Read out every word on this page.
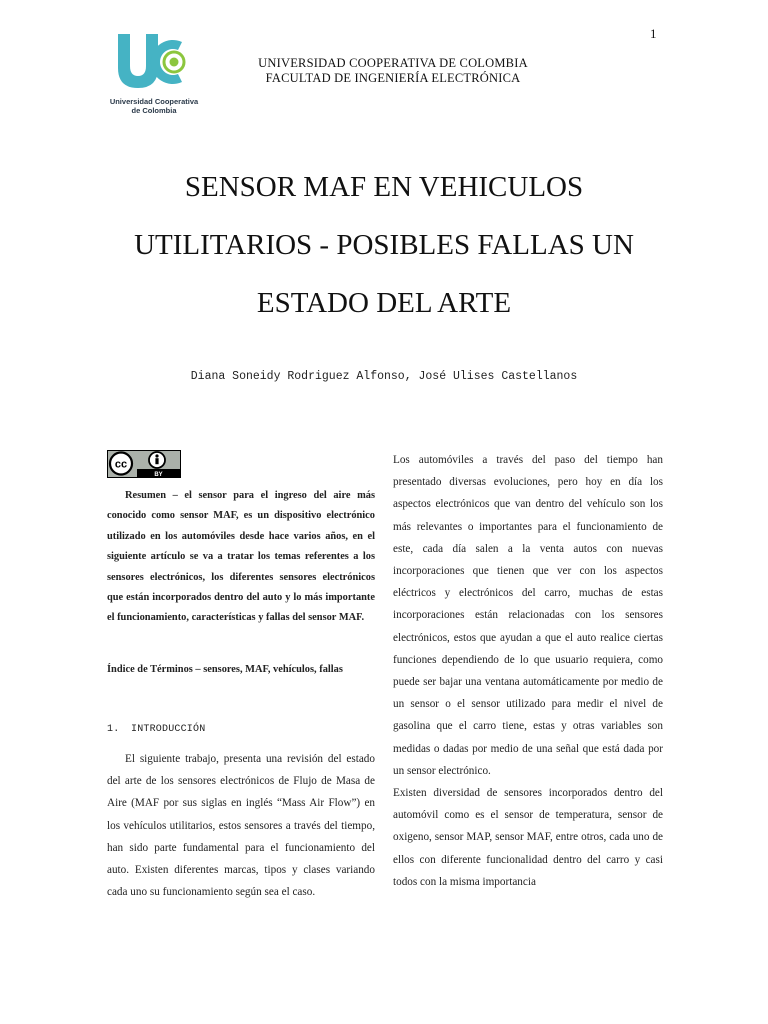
1
Universidad Cooperativa
de Colombia
UNIVERSIDAD COOPERATIVA DE COLOMBIA
FACULTAD DE INGENIERÍA ELECTRÓNICA
SENSOR MAF EN VEHICULOS
UTILITARIOS - POSIBLES FALLAS UN
ESTADO DEL ARTE
Diana Soneidy Rodriguez Alfonso, José Ulises Castellanos
cc
BY
Resumen – el sensor para el ingreso del aire más conocido como sensor MAF, es un dispositivo electrónico utilizado en los automóviles desde hace varios años, en el siguiente artículo se va a tratar los temas referentes a los sensores electrónicos, los diferentes sensores electrónicos que están incorporados dentro del auto y lo más importante el funcionamiento, características y fallas del sensor MAF.
Índice de Términos – sensores, MAF, vehículos, fallas
1. INTRODUCCIÓN
El siguiente trabajo, presenta una revisión del estado del arte de los sensores electrónicos de Flujo de Masa de Aire (MAF por sus siglas en inglés “Mass Air Flow”) en los vehículos utilitarios, estos sensores a través del tiempo, han sido parte fundamental para el funcionamiento del auto. Existen diferentes marcas, tipos y clases variando cada uno su funcionamiento según sea el caso.

Los automóviles a través del paso del tiempo han presentado diversas evoluciones, pero hoy en día los aspectos electrónicos que van dentro del vehículo son los más relevantes o importantes para el funcionamiento de este, cada día salen a la venta autos con nuevas incorporaciones que tienen que ver con los aspectos eléctricos y electrónicos del carro, muchas de estas incorporaciones están relacionadas con los sensores electrónicos, estos que ayudan a que el auto realice ciertas funciones dependiendo de lo que usuario requiera, como puede ser bajar una ventana automáticamente por medio de un sensor o el sensor utilizado para medir el nivel de gasolina que el carro tiene, estas y otras variables son medidas o dadas por medio de una señal que está dada por un sensor electrónico.

Existen diversidad de sensores incorporados dentro del automóvil como es el sensor de temperatura, sensor de oxigeno, sensor MAP, sensor MAF, entre otros, cada uno de ellos con diferente funcionalidad dentro del carro y casi todos con la misma importancia
